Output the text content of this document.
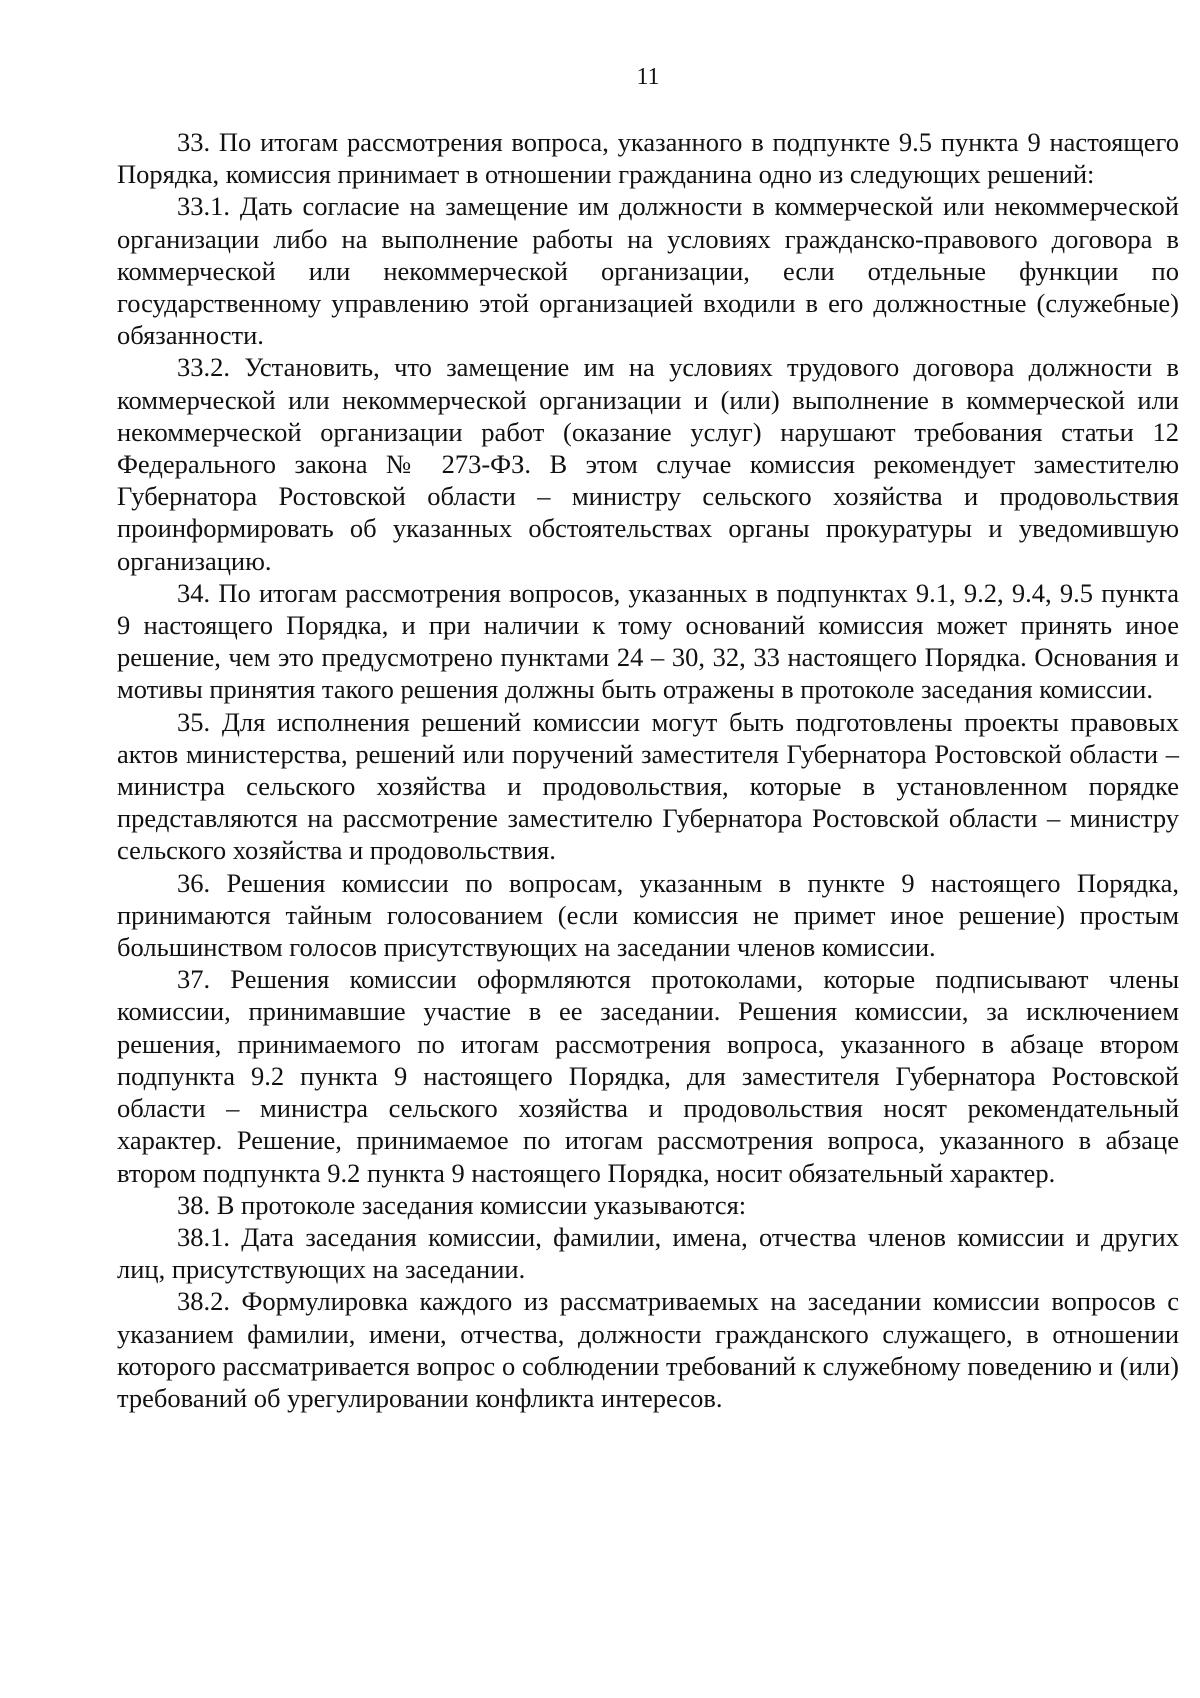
11

33. По итогам рассмотрения вопроса, указанного в подпункте 9.5 пункта 9 настоящего Порядка, комиссия принимает в отношении гражданина одно из следующих решений:

33.1. Дать согласие на замещение им должности в коммерческой или некоммерческой организации либо на выполнение работы на условиях гражданско-правового договора в коммерческой или некоммерческой организации, если отдельные функции по государственному управлению этой организацией входили в его должностные (служебные) обязанности.

33.2. Установить, что замещение им на условиях трудового договора должности в коммерческой или некоммерческой организации и (или) выполнение в коммерческой или некоммерческой организации работ (оказание услуг) нарушают требования статьи 12 Федерального закона № 273-ФЗ. В этом случае комиссия рекомендует заместителю Губернатора Ростовской области – министру сельского хозяйства и продовольствия проинформировать об указанных обстоятельствах органы прокуратуры и уведомившую организацию.

34. По итогам рассмотрения вопросов, указанных в подпунктах 9.1, 9.2, 9.4, 9.5 пункта 9 настоящего Порядка, и при наличии к тому оснований комиссия может принять иное решение, чем это предусмотрено пунктами 24 – 30, 32, 33 настоящего Порядка. Основания и мотивы принятия такого решения должны быть отражены в протоколе заседания комиссии.

35. Для исполнения решений комиссии могут быть подготовлены проекты правовых актов министерства, решений или поручений заместителя Губернатора Ростовской области – министра сельского хозяйства и продовольствия, которые в установленном порядке представляются на рассмотрение заместителю Губернатора Ростовской области – министру сельского хозяйства и продовольствия.

36. Решения комиссии по вопросам, указанным в пункте 9 настоящего Порядка, принимаются тайным голосованием (если комиссия не примет иное решение) простым большинством голосов присутствующих на заседании членов комиссии.

37. Решения комиссии оформляются протоколами, которые подписывают члены комиссии, принимавшие участие в ее заседании. Решения комиссии, за исключением решения, принимаемого по итогам рассмотрения вопроса, указанного в абзаце втором подпункта 9.2 пункта 9 настоящего Порядка, для заместителя Губернатора Ростовской области – министра сельского хозяйства и продовольствия носят рекомендательный характер. Решение, принимаемое по итогам рассмотрения вопроса, указанного в абзаце втором подпункта 9.2 пункта 9 настоящего Порядка, носит обязательный характер.

38. В протоколе заседания комиссии указываются:

38.1. Дата заседания комиссии, фамилии, имена, отчества членов комиссии и других лиц, присутствующих на заседании.

38.2. Формулировка каждого из рассматриваемых на заседании комиссии вопросов с указанием фамилии, имени, отчества, должности гражданского служащего, в отношении которого рассматривается вопрос о соблюдении требований к служебному поведению и (или) требований об урегулировании конфликта интересов.
